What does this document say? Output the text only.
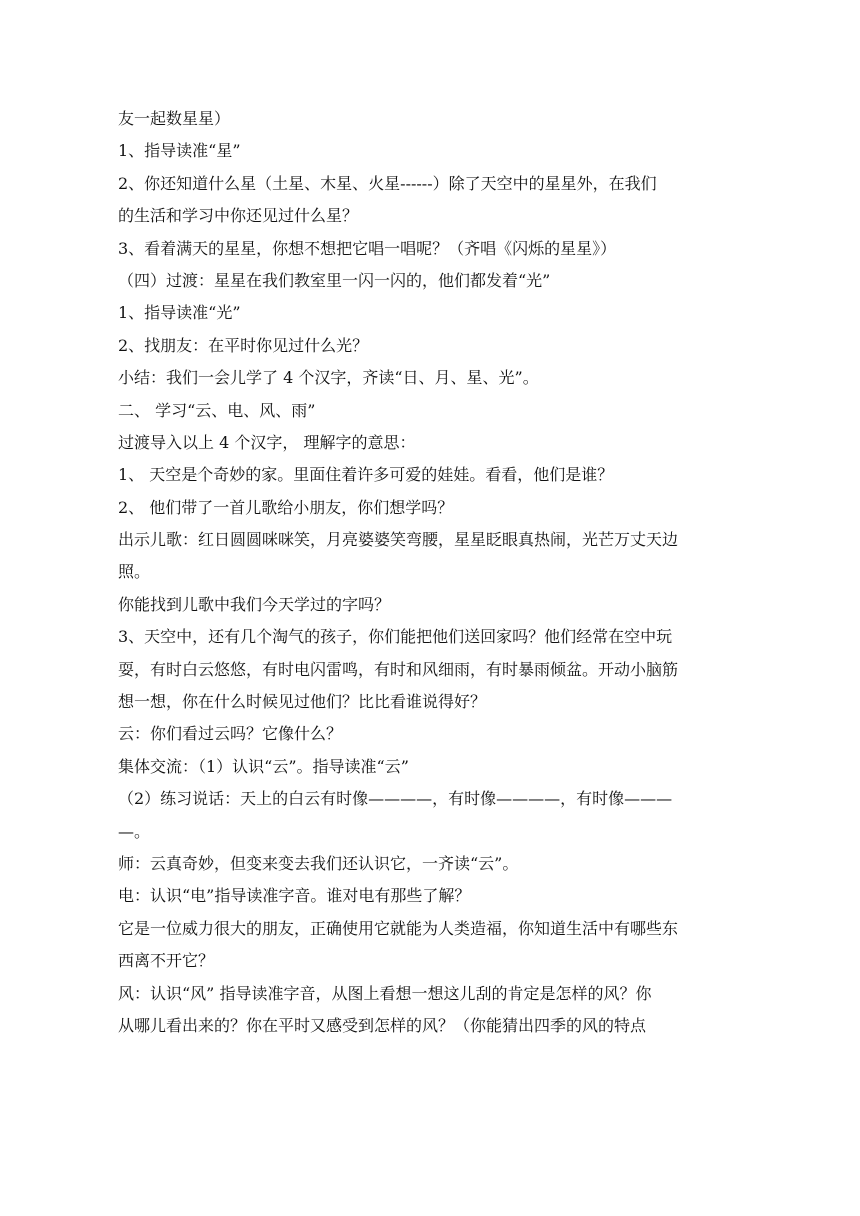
友一起数星星）
1、指导读准“星”
2、你还知道什么星（土星、木星、火星------）除了天空中的星星外，在我们
的生活和学习中你还见过什么星？
3、看着满天的星星，你想不想把它唱一唱呢？（齐唱《闪烁的星星》）
（四）过渡：星星在我们教室里一闪一闪的，他们都发着“光”
1、指导读准“光”
2、找朋友：在平时你见过什么光？
小结：我们一会儿学了 4 个汉字，齐读“日、月、星、光”。
二、 学习“云、电、风、雨”
过渡导入以上 4 个汉字， 理解字的意思：
1、 天空是个奇妙的家。里面住着许多可爱的娃娃。看看，他们是谁？
2、 他们带了一首儿歌给小朋友，你们想学吗？
出示儿歌：红日圆圆咪咪笑，月亮婆婆笑弯腰，星星眨眼真热闹，光芒万丈天边
照。
你能找到儿歌中我们今天学过的字吗？
3、天空中，还有几个淘气的孩子，你们能把他们送回家吗？他们经常在空中玩
耍，有时白云悠悠，有时电闪雷鸣，有时和风细雨，有时暴雨倾盆。开动小脑筋
想一想，你在什么时候见过他们？比比看谁说得好？
云：你们看过云吗？它像什么？
集体交流：（1）认识“云”。指导读准“云”
（2）练习说话：天上的白云有时像————，有时像————，有时像———
—。
师：云真奇妙，但变来变去我们还认识它，一齐读“云”。
电：认识“电”指导读准字音。谁对电有那些了解？
它是一位威力很大的朋友，正确使用它就能为人类造福，你知道生活中有哪些东
西离不开它？
风：认识“风” 指导读准字音，从图上看想一想这儿刮的肯定是怎样的风？你
从哪儿看出来的？你在平时又感受到怎样的风？（你能猜出四季的风的特点
